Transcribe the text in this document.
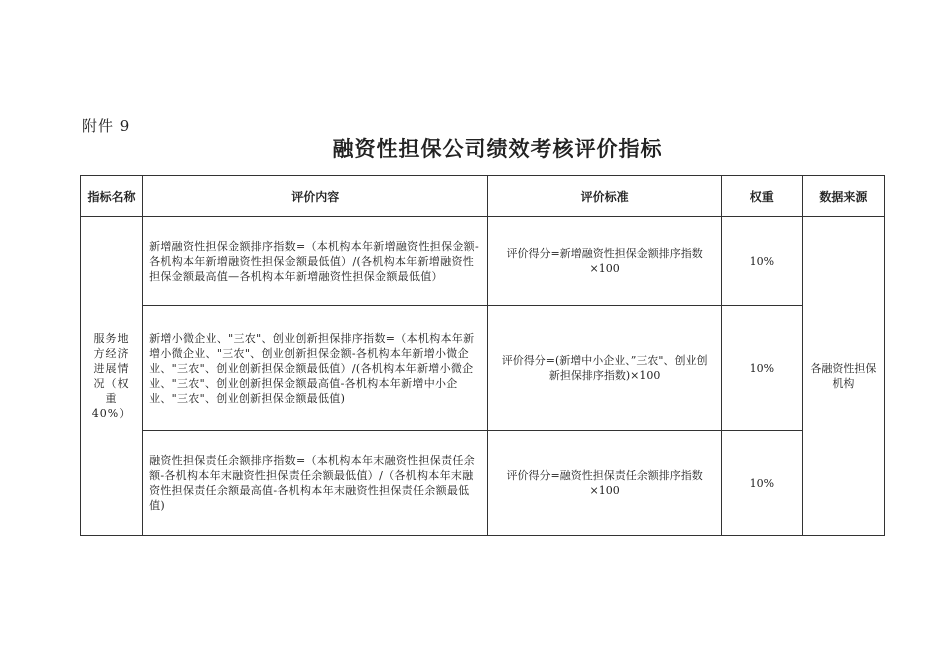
附件 9
融资性担保公司绩效考核评价指标
指标名称	评价内容	评价标准	权重	数据来源
服务地方经济进展情况（权重40%）	新增融资性担保金额排序指数=（本机构本年新增融资性担保金额-各机构本年新增融资性担保金额最低值）/(各机构本年新增融资性担保金额最高值—各机构本年新增融资性担保金额最低值）	评价得分=新增融资性担保金额排序指数×100	10%	各融资性担保机构
	新增小微企业、"三农"、创业创新担保排序指数=（本机构本年新增小微企业、"三农"、创业创新担保金额-各机构本年新增小微企业、"三农"、创业创新担保金额最低值）/(各机构本年新增小微企业、"三农"、创业创新担保金额最高值-各机构本年新增中小企业、"三农"、创业创新担保金额最低值)	评价得分=(新增中小企业、”三农"、创业创新担保排序指数)×100	10%	
	融资性担保责任余额排序指数=（本机构本年末融资性担保责任余额-各机构本年末融资性担保责任余额最低值）/（各机构本年末融资性担保责任余额最高值-各机构本年末融资性担保责任余额最低值)	评价得分=融资性担保责任余额排序指数×100	10%	
